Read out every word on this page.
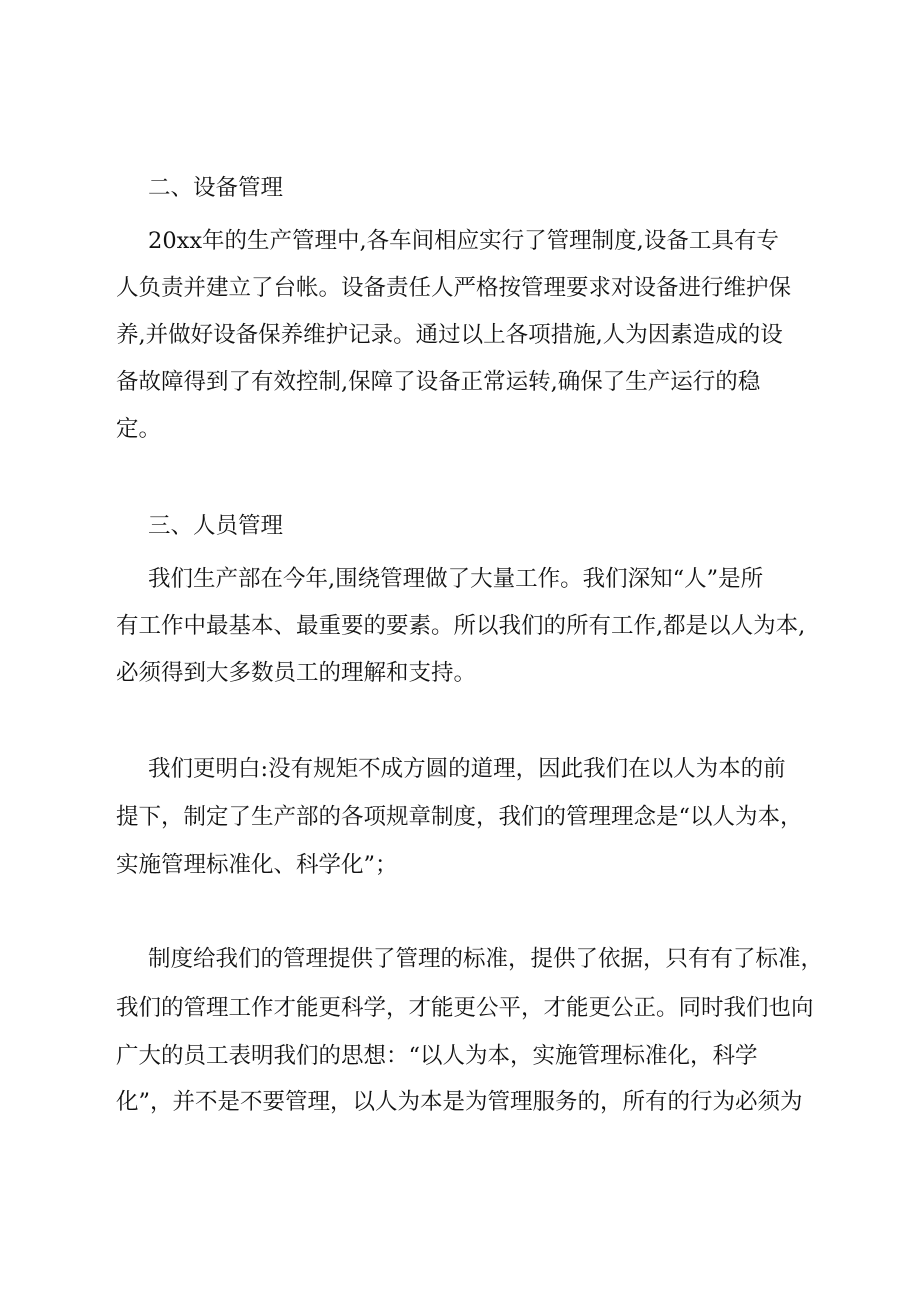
二、设备管理
20xx年的生产管理中,各车间相应实行了管理制度,设备工具有专
人负责并建立了台帐。设备责任人严格按管理要求对设备进行维护保
养,并做好设备保养维护记录。通过以上各项措施,人为因素造成的设
备故障得到了有效控制,保障了设备正常运转,确保了生产运行的稳
定。
三、人员管理
我们生产部在今年,围绕管理做了大量工作。我们深知“人”是所
有工作中最基本、最重要的要素。所以我们的所有工作,都是以人为本,
必须得到大多数员工的理解和支持。
我们更明白:没有规矩不成方圆的道理，因此我们在以人为本的前
提下，制定了生产部的各项规章制度，我们的管理理念是“以人为本，
实施管理标准化、科学化”；
制度给我们的管理提供了管理的标准，提供了依据，只有有了标准，
我们的管理工作才能更科学，才能更公平，才能更公正。同时我们也向
广大的员工表明我们的思想：“以人为本，实施管理标准化，科学
化”，并不是不要管理，以人为本是为管理服务的，所有的行为必须为
